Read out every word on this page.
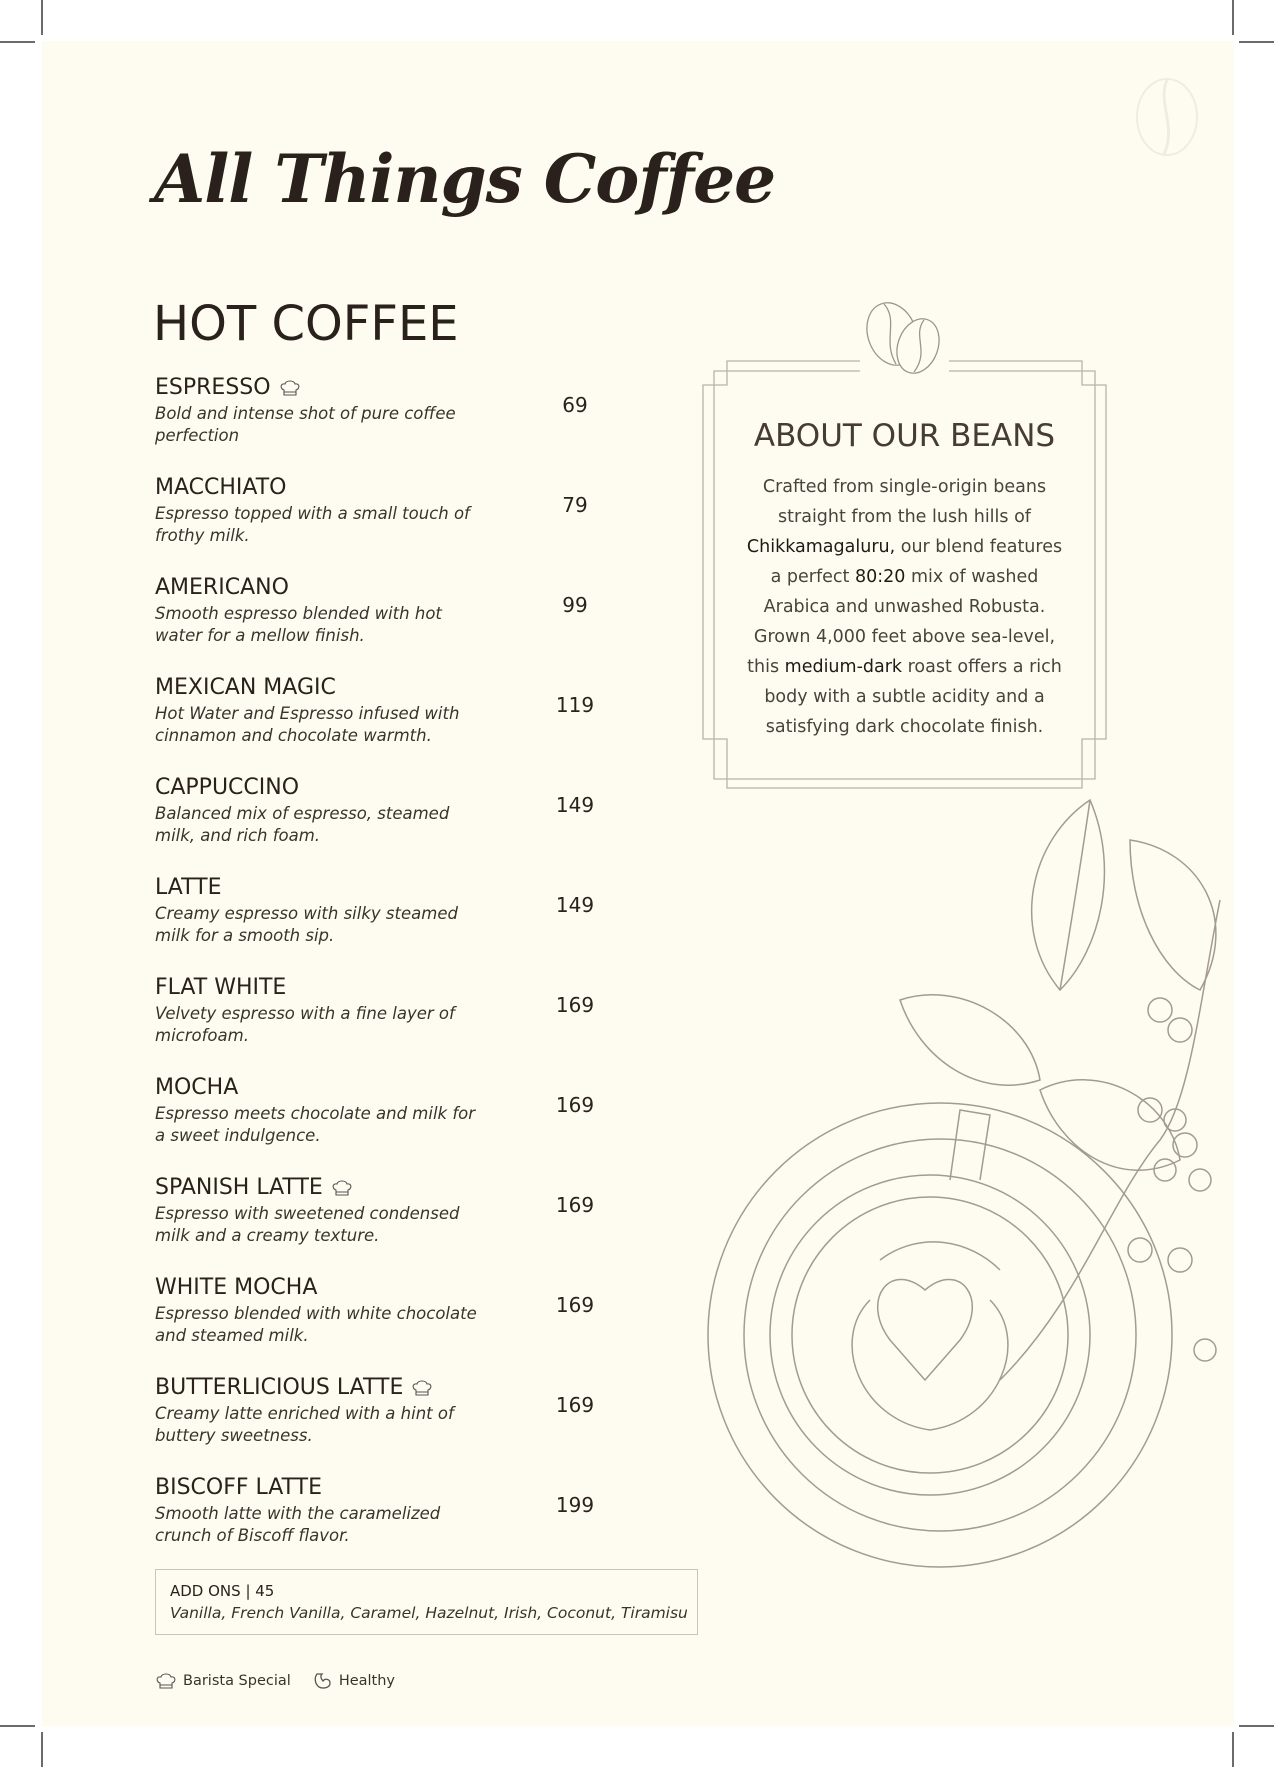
All Things Coffee
HOT COFFEE
ESPRESSO
Bold and intense shot of pure coffee perfection
69
MACCHIATO
Espresso topped with a small touch of frothy milk.
79
AMERICANO
Smooth espresso blended with hot water for a mellow finish.
99
MEXICAN MAGIC
Hot Water and Espresso infused with cinnamon and chocolate warmth.
119
CAPPUCCINO
Balanced mix of espresso, steamed milk, and rich foam.
149
LATTE
Creamy espresso with silky steamed milk for a smooth sip.
149
FLAT WHITE
Velvety espresso with a fine layer of microfoam.
169
MOCHA
Espresso meets chocolate and milk for a sweet indulgence.
169
SPANISH LATTE
Espresso with sweetened condensed milk and a creamy texture.
169
WHITE MOCHA
Espresso blended with white chocolate and steamed milk.
169
BUTTERLICIOUS LATTE
Creamy latte enriched with a hint of buttery sweetness.
169
BISCOFF LATTE
Smooth latte with the caramelized crunch of Biscoff flavor.
199
ADD ONS | 45
Vanilla, French Vanilla, Caramel, Hazelnut, Irish, Coconut, Tiramisu
Barista Special	Healthy
ABOUT OUR BEANS

Crafted from single-origin beans straight from the lush hills of Chikkamagaluru, our blend features a perfect 80:20 mix of washed Arabica and unwashed Robusta. Grown 4,000 feet above sea-level, this medium-dark roast offers a rich body with a subtle acidity and a satisfying dark chocolate finish.
